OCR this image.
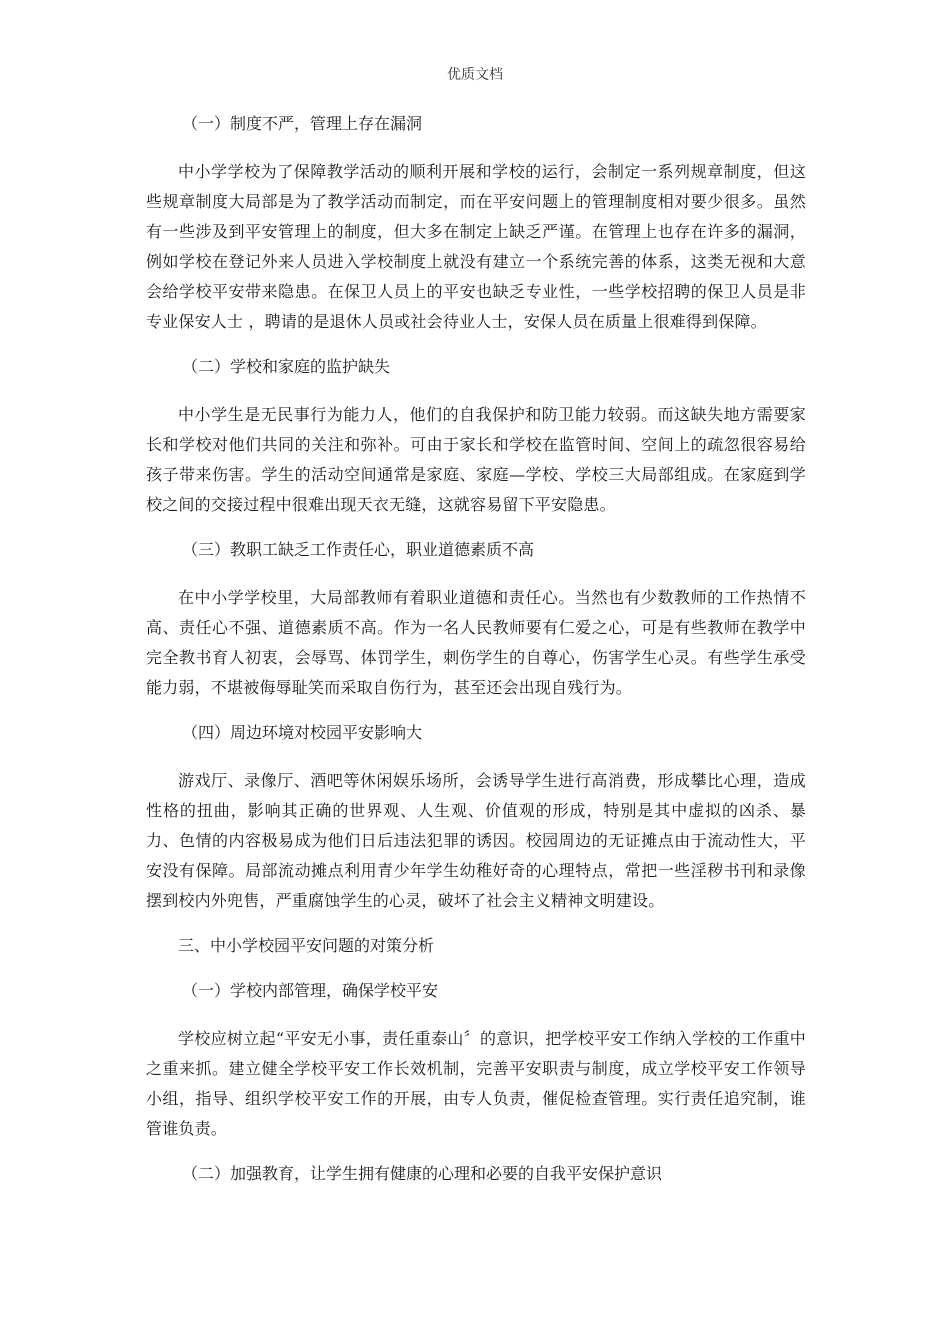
优质文档
（一）制度不严，管理上存在漏洞

中小学学校为了保障教学活动的顺利开展和学校的运行，会制定一系列规章制度，但这些规章制度大局部是为了教学活动而制定，而在平安问题上的管理制度相对要少很多。虽然有一些涉及到平安管理上的制度，但大多在制定上缺乏严谨。在管理上也存在许多的漏洞，例如学校在登记外来人员进入学校制度上就没有建立一个系统完善的体系，这类无视和大意会给学校平安带来隐患。在保卫人员上的平安也缺乏专业性，一些学校招聘的保卫人员是非专业保安人士 ，聘请的是退休人员或社会待业人士，安保人员在质量上很难得到保障。

（二）学校和家庭的监护缺失

中小学生是无民事行为能力人，他们的自我保护和防卫能力较弱。而这缺失地方需要家长和学校对他们共同的关注和弥补。可由于家长和学校在监管时间、空间上的疏忽很容易给孩子带来伤害。学生的活动空间通常是家庭、家庭—学校、学校三大局部组成。在家庭到学校之间的交接过程中很难出现天衣无缝，这就容易留下平安隐患。

（三）教职工缺乏工作责任心，职业道德素质不高

在中小学学校里，大局部教师有着职业道德和责任心。当然也有少数教师的工作热情不高、责任心不强、道德素质不高。作为一名人民教师要有仁爱之心，可是有些教师在教学中完全教书育人初衷，会辱骂、体罚学生，刺伤学生的自尊心，伤害学生心灵。有些学生承受能力弱，不堪被侮辱耻笑而采取自伤行为，甚至还会出现自残行为。

（四）周边环境对校园平安影响大

游戏厅、录像厅、酒吧等休闲娱乐场所，会诱导学生进行高消费，形成攀比心理，造成性格的扭曲，影响其正确的世界观、人生观、价值观的形成，特别是其中虚拟的凶杀、暴力、色情的内容极易成为他们日后违法犯罪的诱因。校园周边的无证摊点由于流动性大，平安没有保障。局部流动摊点利用青少年学生幼稚好奇的心理特点，常把一些淫秽书刊和录像摆到校内外兜售，严重腐蚀学生的心灵，破坏了社会主义精神文明建设。

三、中小学校园平安问题的对策分析
（一）学校内部管理，确保学校平安

学校应树立起“平安无小事，责任重泰山〞的意识，把学校平安工作纳入学校的工作重中之重来抓。建立健全学校平安工作长效机制，完善平安职责与制度，成立学校平安工作领导小组，指导、组织学校平安工作的开展，由专人负责，催促检查管理。实行责任追究制，谁管谁负责。

（二）加强教育，让学生拥有健康的心理和必要的自我平安保护意识
